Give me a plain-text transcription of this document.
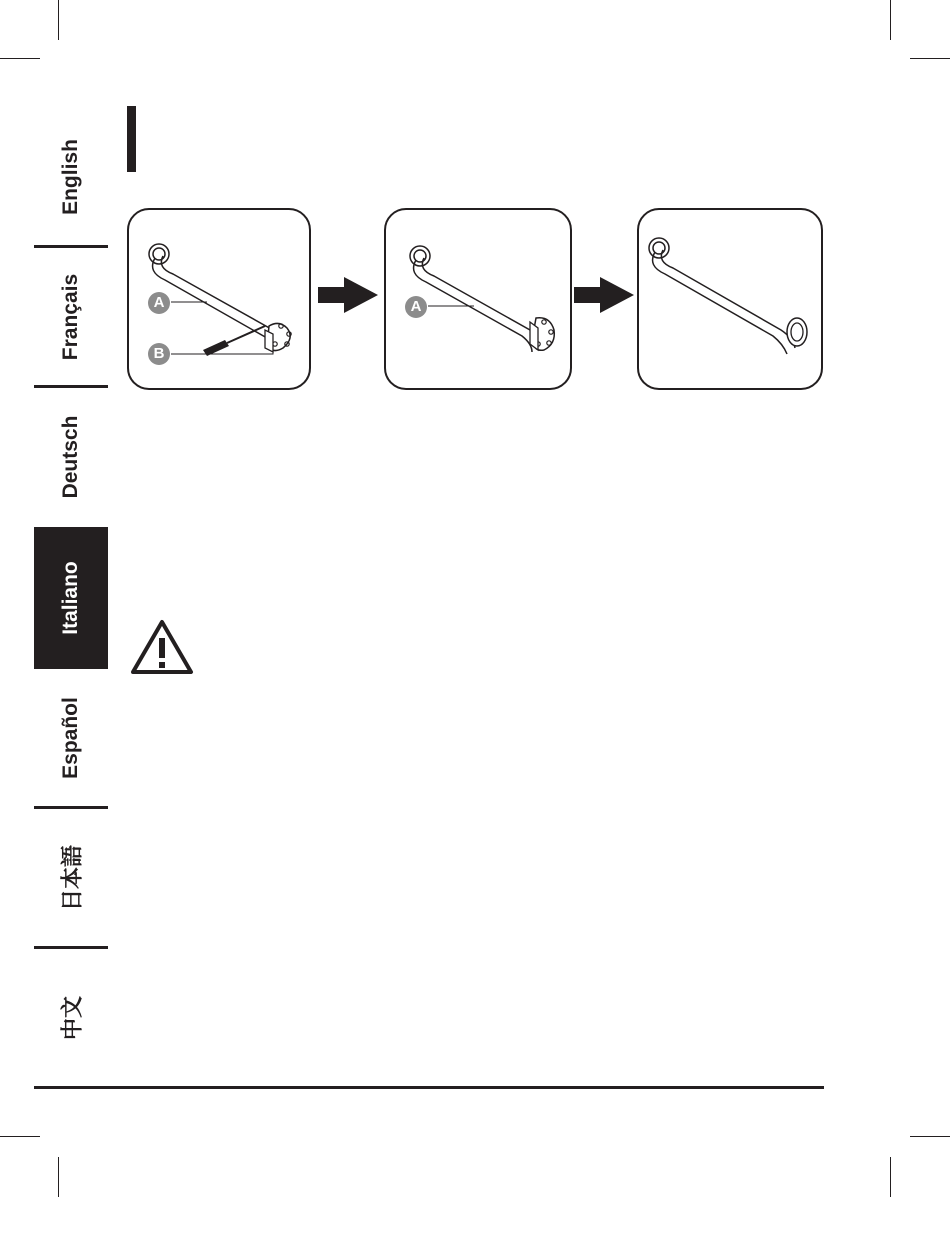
English
Français
Deutsch
Italiano
Español
日本語
中文
A
B
A
